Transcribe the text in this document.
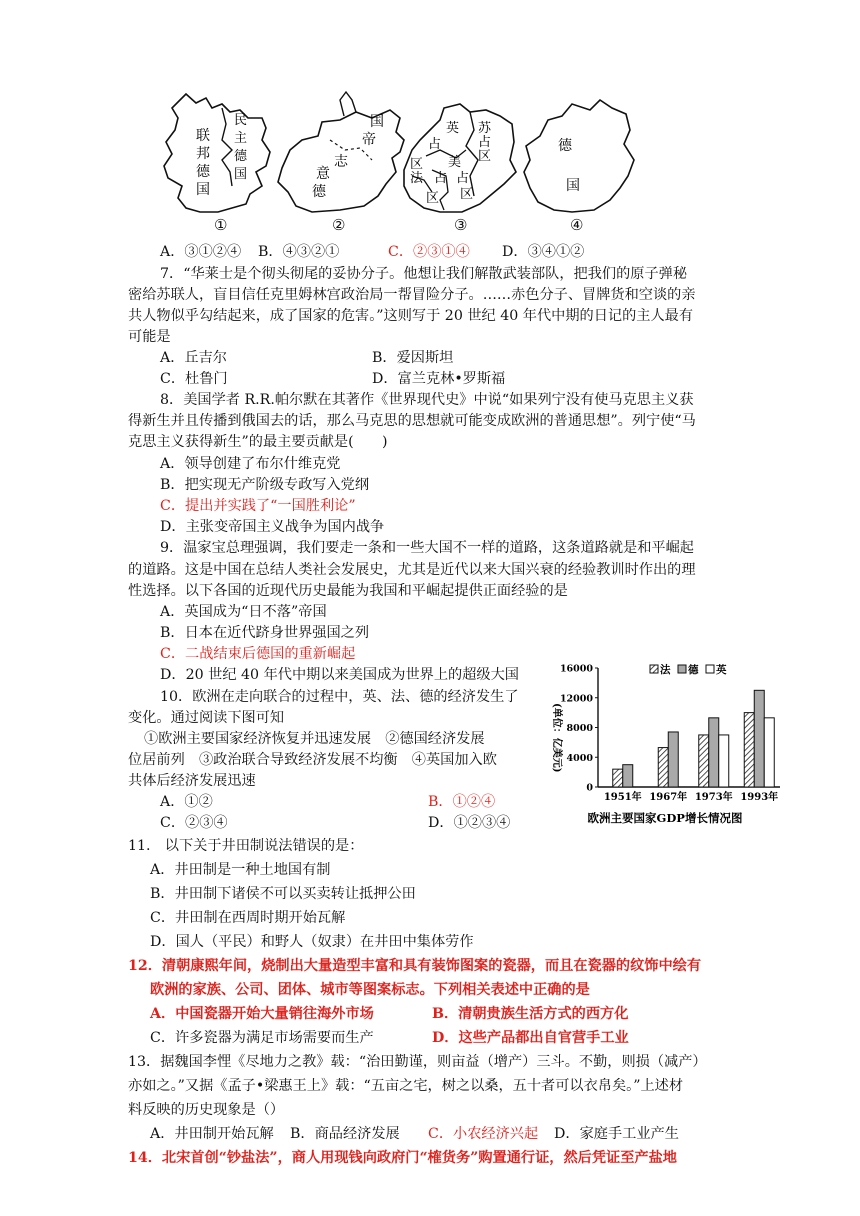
联
邦
德
国
民
主
德
国
德
意
志
帝
国	英
占
区
苏
占
区
美
占
区
法 占
区
德
国
①	②	③	④
A．③①②④ B．④③②①	C．②③①④ D．③④①②
7．“华莱士是个彻头彻尾的妥协分子。他想让我们解散武装部队，把我们的原子弹秘
密给苏联人，盲目信任克里姆林宫政治局一帮冒险分子。……赤色分子、冒牌货和空谈的亲
共人物似乎勾结起来，成了国家的危害。”这则写于 20 世纪 40 年代中期的日记的主人最有
可能是
A．丘吉尔	B．爱因斯坦
C．杜鲁门	D．富兰克林•罗斯福
8．美国学者 R.R.帕尔默在其著作《世界现代史》中说“如果列宁没有使马克思主义获
得新生并且传播到俄国去的话，那么马克思的思想就可能变成欧洲的普通思想”。列宁使“马
克思主义获得新生”的最主要贡献是(　　)
A．领导创建了布尔什维克党
B．把实现无产阶级专政写入党纲
C．提出并实践了“一国胜利论”
D．主张变帝国主义战争为国内战争
9．温家宝总理强调，我们要走一条和一些大国不一样的道路，这条道路就是和平崛起
的道路。这是中国在总结人类社会发展史，尤其是近代以来大国兴衰的经验教训时作出的理
性选择。以下各国的近现代历史最能为我国和平崛起提供正面经验的是
A．英国成为“日不落”帝国
B．日本在近代跻身世界强国之列
C．二战结束后德国的重新崛起
D．20 世纪 40 年代中期以来美国成为世界上的超级大国
10．欧洲在走向联合的过程中，英、法、德的经济发生了
变化。通过阅读下图可知
①欧洲主要国家经济恢复并迅速发展　②德国经济发展
位居前列　③政治联合导致经济发展不均衡　④英国加入欧
共体后经济发展迅速
A．①②	B．①②④
C．②③④	D．①②③④
0
4000
8000
12000
16000
1951年 1967年 1973年 1993年
法 德 英
欧洲主要国家GDP增长情况图
(单位：亿美元)
11.　以下关于井田制说法错误的是：
A．井田制是一种土地国有制
B．井田制下诸侯不可以买卖转让抵押公田
C．井田制在西周时期开始瓦解
D．国人（平民）和野人（奴隶）在井田中集体劳作
12．清朝康熙年间，烧制出大量造型丰富和具有装饰图案的瓷器，而且在瓷器的纹饰中绘有
欧洲的家族、公司、团体、城市等图案标志。下列相关表述中正确的是
A．中国瓷器开始大量销往海外市场	B．清朝贵族生活方式的西方化
C．许多瓷器为满足市场需要而生产	D．这些产品都出自官营手工业
13．据魏国李悝《尽地力之教》载：“治田勤谨，则亩益（增产）三斗。不勤，则损（减产）
亦如之。”又据《孟子•梁惠王上》载：“五亩之宅，树之以桑，五十者可以衣帛矣。”上述材
料反映的历史现象是（）
A．井田制开始瓦解 B．商品经济发展 C．小农经济兴起 D．家庭手工业产生
14．北宋首创“钞盐法”，商人用现钱向政府门“榷货务”购置通行证，然后凭证至产盐地
